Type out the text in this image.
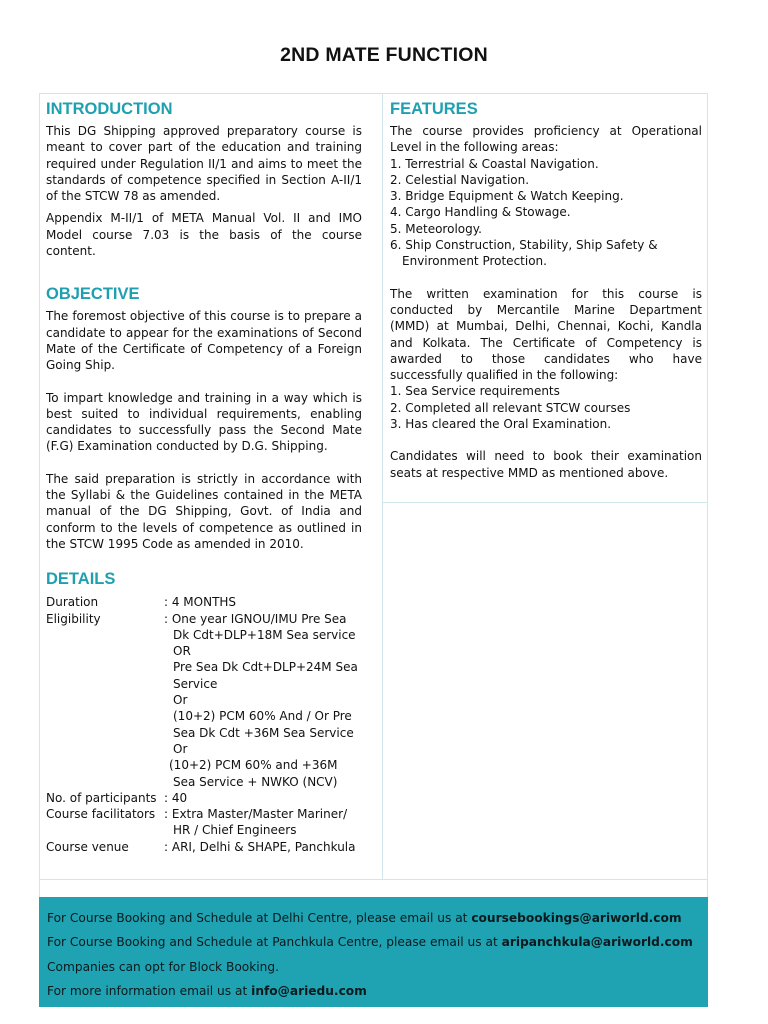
2ND MATE FUNCTION
INTRODUCTION

This DG Shipping approved preparatory course is meant to cover part of the education and training required under Regulation II/1 and aims to meet the standards of competence specified in Section A-II/1 of the STCW 78 as amended.

Appendix M-II/1 of META Manual Vol. II and IMO Model course 7.03 is the basis of the course content.

OBJECTIVE

The foremost objective of this course is to prepare a candidate to appear for the examinations of Second Mate of the Certificate of Competency of a Foreign Going Ship.

To impart knowledge and training in a way which is best suited to individual requirements, enabling candidates to successfully pass the Second Mate (F.G) Examination conducted by D.G. Shipping.

The said preparation is strictly in accordance with the Syllabi & the Guidelines contained in the META manual of the DG Shipping, Govt. of India and conform to the levels of competence as outlined in the STCW 1995 Code as amended in 2010.

DETAILS
Duration	: 4 MONTHS
Eligibility	: One year IGNOU/IMU Pre Sea
Dk Cdt+DLP+18M Sea service
OR
Pre Sea Dk Cdt+DLP+24M Sea
Service
Or
(10+2) PCM 60% And / Or Pre
Sea Dk Cdt +36M Sea Service
Or
(10+2) PCM 60% and +36M
Sea Service + NWKO (NCV)
No. of participants : 40
Course facilitators : Extra Master/Master Mariner/
HR / Chief Engineers
Course venue	: ARI, Delhi & SHAPE, Panchkula
FEATURES

The course provides proficiency at Operational Level in the following areas:

1. Terrestrial & Coastal Navigation.
2. Celestial Navigation.
3. Bridge Equipment & Watch Keeping.
4. Cargo Handling & Stowage.
5. Meteorology.
6. Ship Construction, Stability, Ship Safety &
Environment Protection.

The written examination for this course is conducted by Mercantile Marine Department (MMD) at Mumbai, Delhi, Chennai, Kochi, Kandla and Kolkata. The Certificate of Competency is awarded to those candidates who have successfully qualified in the following:

1. Sea Service requirements
2. Completed all relevant STCW courses
3. Has cleared the Oral Examination.

Candidates will need to book their examination seats at respective MMD as mentioned above.

For Course Booking and Schedule at Delhi Centre, please email us at coursebookings@ariworld.com
For Course Booking and Schedule at Panchkula Centre, please email us at aripanchkula@ariworld.com
Companies can opt for Block Booking.
For more information email us at info@ariedu.com
